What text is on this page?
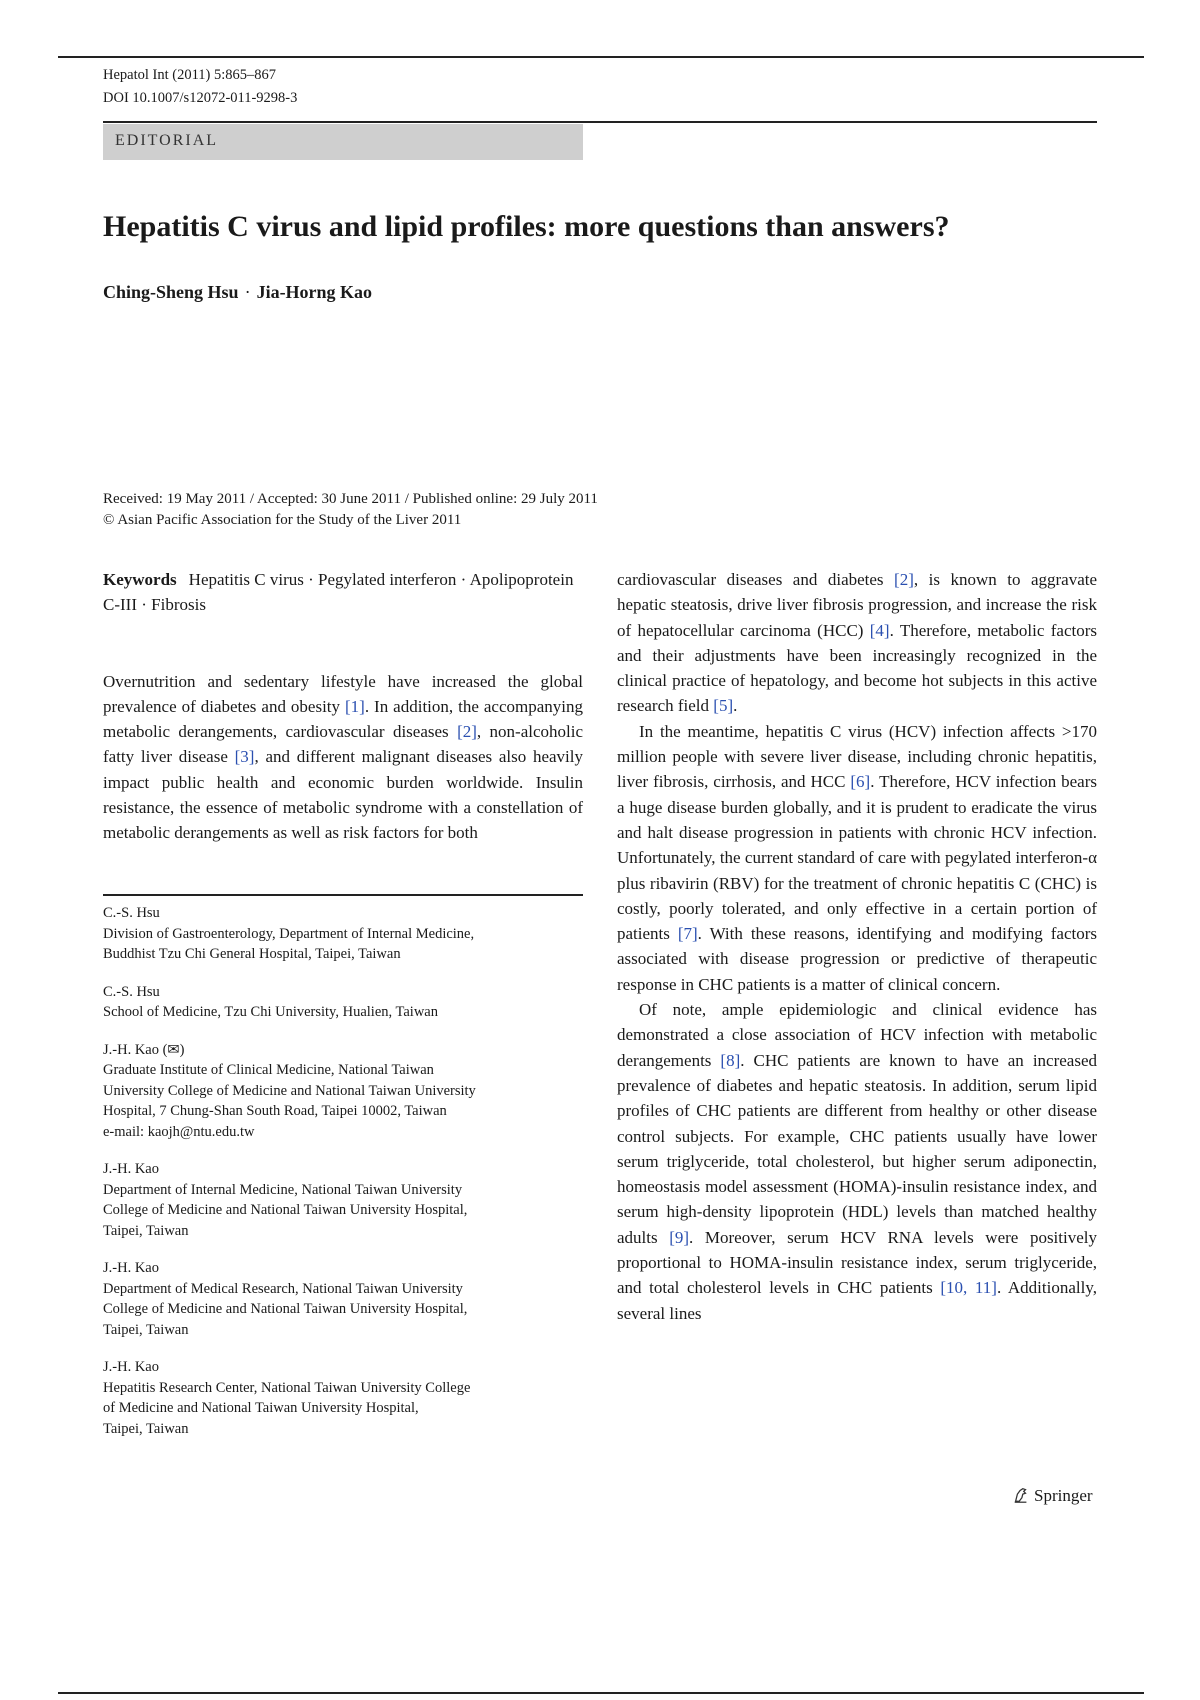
Hepatol Int (2011) 5:865–867
DOI 10.1007/s12072-011-9298-3
EDITORIAL
Hepatitis C virus and lipid profiles: more questions than answers?
Ching-Sheng Hsu · Jia-Horng Kao
Received: 19 May 2011 / Accepted: 30 June 2011 / Published online: 29 July 2011
© Asian Pacific Association for the Study of the Liver 2011

Keywords Hepatitis C virus · Pegylated interferon · Apolipoprotein C-III · Fibrosis

Overnutrition and sedentary lifestyle have increased the global prevalence of diabetes and obesity [1]. In addition, the accompanying metabolic derangements, cardiovascular diseases [2], non-alcoholic fatty liver disease [3], and different malignant diseases also heavily impact public health and economic burden worldwide. Insulin resistance, the essence of metabolic syndrome with a constellation of metabolic derangements as well as risk factors for both

C.-S. Hsu
Division of Gastroenterology, Department of Internal Medicine,
Buddhist Tzu Chi General Hospital, Taipei, Taiwan
C.-S. Hsu
School of Medicine, Tzu Chi University, Hualien, Taiwan
J.-H. Kao (✉)
Graduate Institute of Clinical Medicine, National Taiwan
University College of Medicine and National Taiwan University
Hospital, 7 Chung-Shan South Road, Taipei 10002, Taiwan
e-mail: kaojh@ntu.edu.tw
J.-H. Kao
Department of Internal Medicine, National Taiwan University
College of Medicine and National Taiwan University Hospital,
Taipei, Taiwan
J.-H. Kao
Department of Medical Research, National Taiwan University
College of Medicine and National Taiwan University Hospital,
Taipei, Taiwan
J.-H. Kao
Hepatitis Research Center, National Taiwan University College
of Medicine and National Taiwan University Hospital,
Taipei, Taiwan

cardiovascular diseases and diabetes [2], is known to aggravate hepatic steatosis, drive liver fibrosis progression, and increase the risk of hepatocellular carcinoma (HCC) [4]. Therefore, metabolic factors and their adjustments have been increasingly recognized in the clinical practice of hepatology, and become hot subjects in this active research field [5].

In the meantime, hepatitis C virus (HCV) infection affects >170 million people with severe liver disease, including chronic hepatitis, liver fibrosis, cirrhosis, and HCC [6]. Therefore, HCV infection bears a huge disease burden globally, and it is prudent to eradicate the virus and halt disease progression in patients with chronic HCV infection. Unfortunately, the current standard of care with pegylated interferon-α plus ribavirin (RBV) for the treatment of chronic hepatitis C (CHC) is costly, poorly tolerated, and only effective in a certain portion of patients [7]. With these reasons, identifying and modifying factors associated with disease progression or predictive of therapeutic response in CHC patients is a matter of clinical concern.

Of note, ample epidemiologic and clinical evidence has demonstrated a close association of HCV infection with metabolic derangements [8]. CHC patients are known to have an increased prevalence of diabetes and hepatic steatosis. In addition, serum lipid profiles of CHC patients are different from healthy or other disease control subjects. For example, CHC patients usually have lower serum triglyceride, total cholesterol, but higher serum adiponectin, homeostasis model assessment (HOMA)-insulin resistance index, and serum high-density lipoprotein (HDL) levels than matched healthy adults [9]. Moreover, serum HCV RNA levels were positively proportional to HOMA-insulin resistance index, serum triglyceride, and total cholesterol levels in CHC patients [10, 11]. Additionally, several lines

Springer
